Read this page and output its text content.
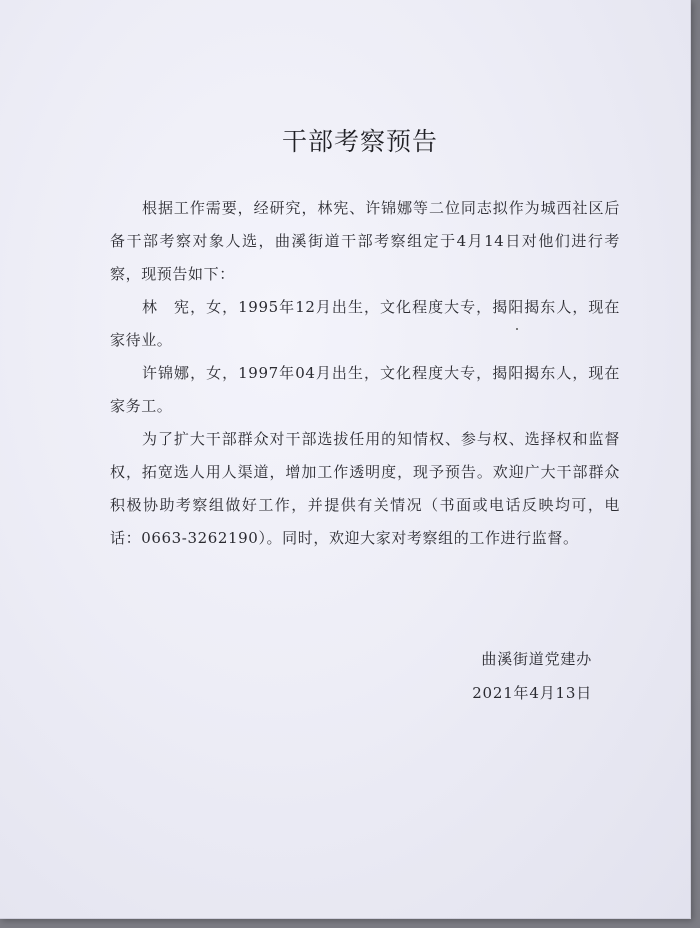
干部考察预告

根据工作需要，经研究，林宪、许锦娜等二位同志拟作为城西社区后备干部考察对象人选，曲溪街道干部考察组定于4月14日对他们进行考察，现预告如下：

林　宪，女，1995年12月出生，文化程度大专，揭阳揭东人，现在家待业。

许锦娜，女，1997年04月出生，文化程度大专，揭阳揭东人，现在家务工。

为了扩大干部群众对干部选拔任用的知情权、参与权、选择权和监督权，拓宽选人用人渠道，增加工作透明度，现予预告。欢迎广大干部群众积极协助考察组做好工作，并提供有关情况（书面或电话反映均可，电话：0663-3262190）。同时，欢迎大家对考察组的工作进行监督。

曲溪街道党建办
2021年4月13日
